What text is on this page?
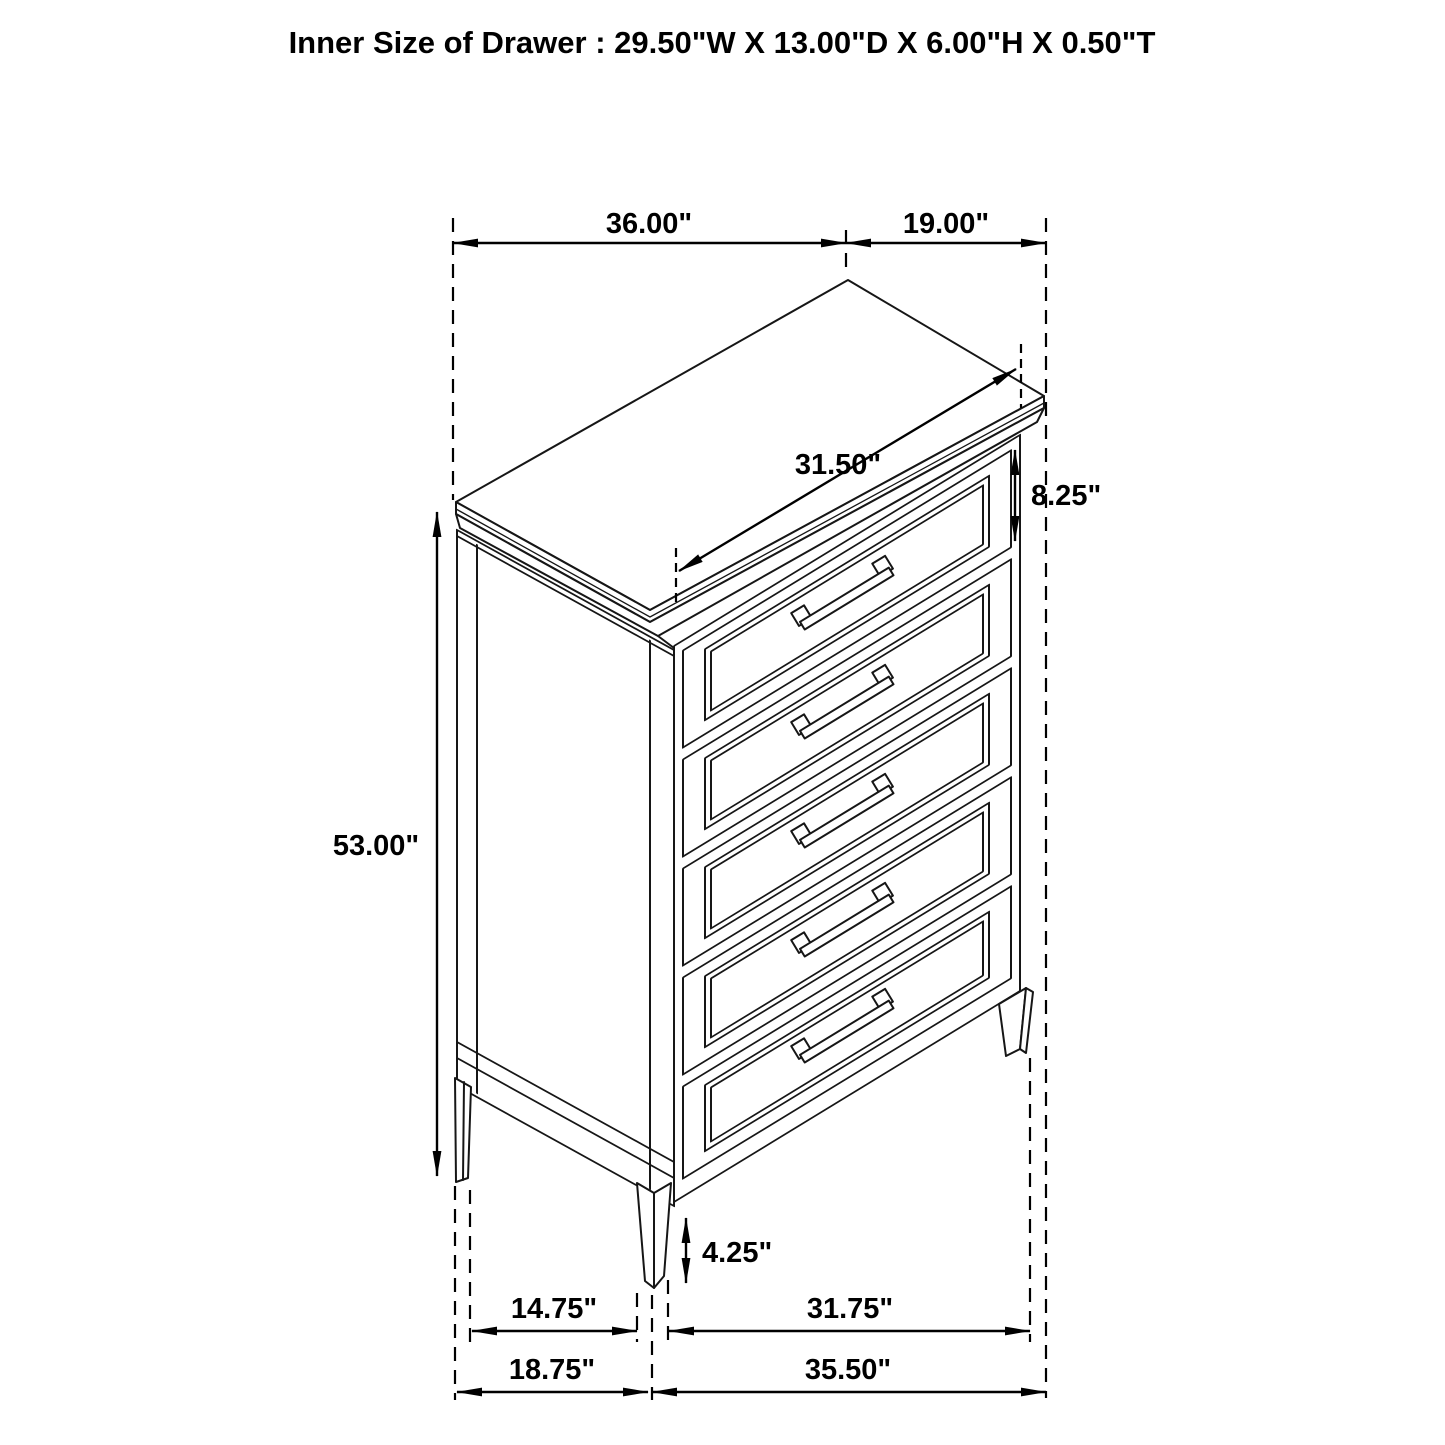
Inner Size of Drawer : 29.50"W X 13.00"D X 6.00"H X 0.50"T
36.00"	19.00"
31.50"
8.25"
53.00"
4.25"
14.75"	31.75"
18.75"	35.50"
